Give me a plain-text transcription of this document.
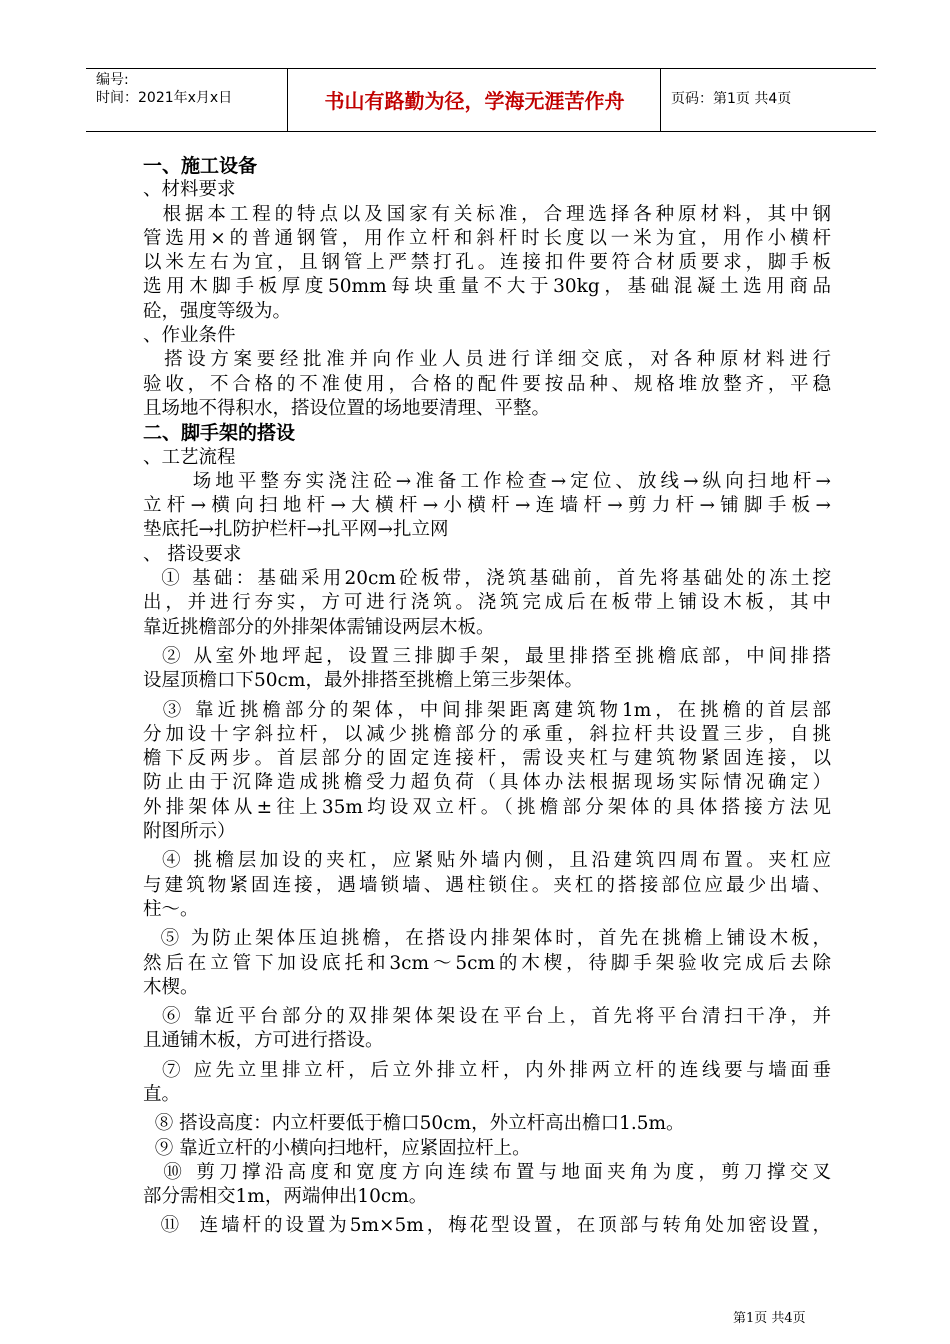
编号:
时间：2021年x月x日	书山有路勤为径，学海无涯苦作舟	页码：第1页 共4页
一、施工设备
、材料要求
根据本工程的特点以及国家有关标准，合理选择各种原材料，其中钢
管选用×的普通钢管，用作立杆和斜杆时长度以一米为宜，用作小横杆
以米左右为宜，且钢管上严禁打孔。连接扣件要符合材质要求，脚手板
选用木脚手板厚度50mm每块重量不大于30kg，基础混凝土选用商品
砼，强度等级为。
、作业条件
搭设方案要经批准并向作业人员进行详细交底，对各种原材料进行
验收，不合格的不准使用，合格的配件要按品种、规格堆放整齐，平稳
且场地不得积水，搭设位置的场地要清理、平整。
二、脚手架的搭设
、工艺流程
场地平整夯实浇注砼→准备工作检查→定位、放线→纵向扫地杆→
立杆→横向扫地杆→大横杆→小横杆→连墙杆→剪力杆→铺脚手板→
垫底托→扎防护栏杆→扎平网→扎立网
、 搭设要求
① 基础：基础采用20cm砼板带，浇筑基础前，首先将基础处的冻土挖
出，并进行夯实，方可进行浇筑。浇筑完成后在板带上铺设木板，其中
靠近挑檐部分的外排架体需铺设两层木板。
② 从室外地坪起，设置三排脚手架，最里排搭至挑檐底部，中间排搭
设屋顶檐口下50cm，最外排搭至挑檐上第三步架体。
③ 靠近挑檐部分的架体，中间排架距离建筑物1m，在挑檐的首层部
分加设十字斜拉杆，以减少挑檐部分的承重，斜拉杆共设置三步，自挑
檐下反两步。首层部分的固定连接杆，需设夹杠与建筑物紧固连接，以
防止由于沉降造成挑檐受力超负荷（具体办法根据现场实际情况确定）
外排架体从±往上35m均设双立杆。（挑檐部分架体的具体搭接方法见
附图所示）
④ 挑檐层加设的夹杠，应紧贴外墙内侧，且沿建筑四周布置。夹杠应
与建筑物紧固连接，遇墙锁墙、遇柱锁住。夹杠的搭接部位应最少出墙、
柱～。
⑤ 为防止架体压迫挑檐，在搭设内排架体时，首先在挑檐上铺设木板，
然后在立管下加设底托和3cm～5cm的木楔，待脚手架验收完成后去除
木楔。
⑥ 靠近平台部分的双排架体架设在平台上，首先将平台清扫干净，并
且通铺木板，方可进行搭设。
⑦ 应先立里排立杆，后立外排立杆，内外排两立杆的连线要与墙面垂
直。
⑧ 搭设高度：内立杆要低于檐口50cm，外立杆高出檐口1.5m。
⑨ 靠近立杆的小横向扫地杆，应紧固拉杆上。
⑩ 剪刀撑沿高度和宽度方向连续布置与地面夹角为度，剪刀撑交叉
部分需相交1m，两端伸出10cm。
⑪  连墙杆的设置为5m×5m，梅花型设置，在顶部与转角处加密设置，
第1页 共4页
